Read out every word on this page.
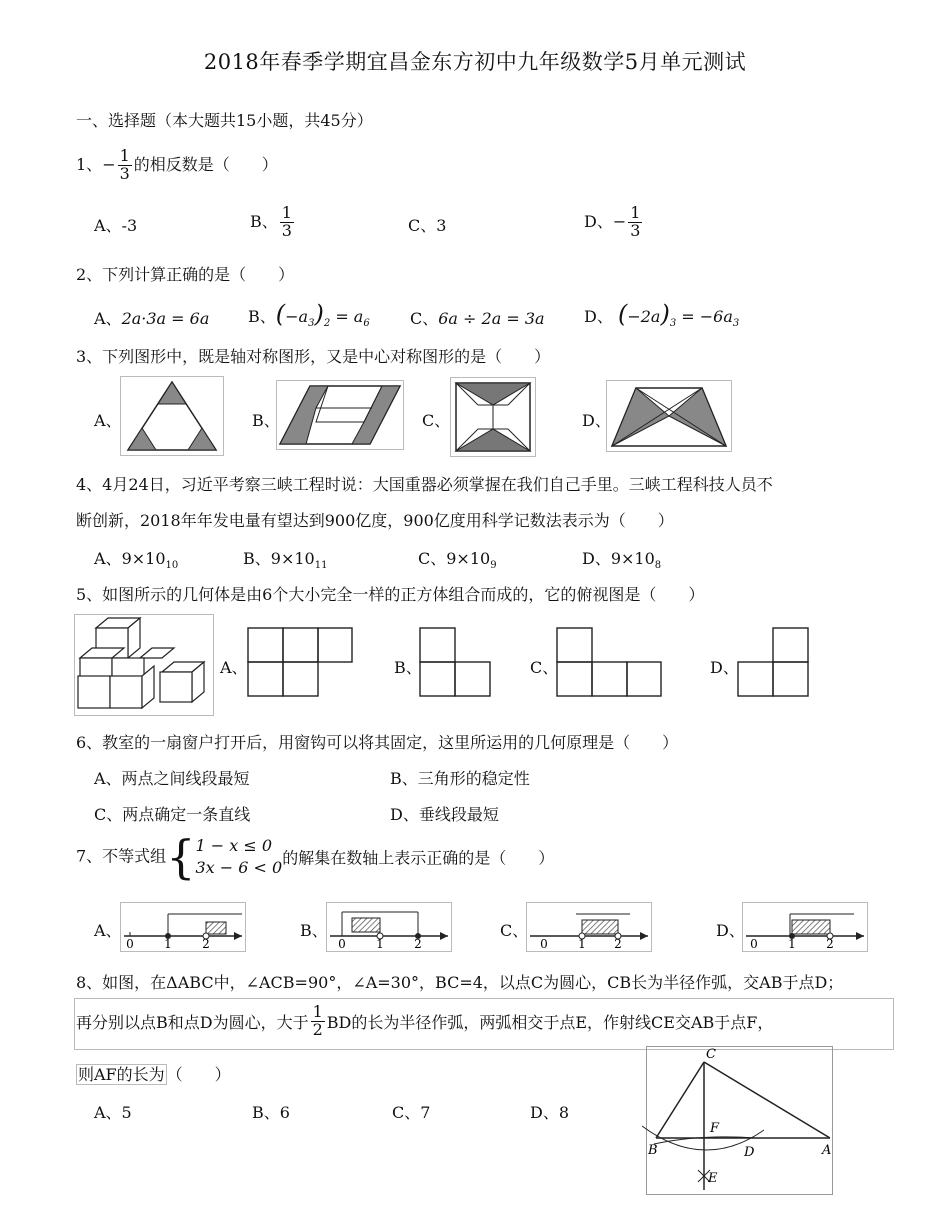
2018年春季学期宜昌金东方初中九年级数学5月单元测试
一、选择题（本大题共15小题，共45分）
1、− $\frac{1}{3}$ 的相反数是（　　）
A、-3	B、 $\frac{1}{3}$	C、3	D、− $\frac{1}{3}$
2、下列计算正确的是（　　）
A、2a·3a = 6a B、$(-a_3)_2 = a_6$	C、6a ÷ 2a = 3a D、 $(-2a)_3 = -6a_3$
3、下列图形中，既是轴对称图形，又是中心对称图形的是（　　）
A、	B、	C、	D、
4、4月24日，习近平考察三峡工程时说：大国重器必须掌握在我们自己手里。三峡工程科技人员不
断创新，2018年年发电量有望达到900亿度，900亿度用科学记数法表示为（　　）
A、$9\times 10_{10}$	B、$9\times 10_{11}$	C、$9\times 10_9$	D、$9\times 10_8$
5、如图所示的几何体是由6个大小完全一样的正方体组合而成的，它的俯视图是（　　）
A、	B、	C、	D、
6、教室的一扇窗户打开后，用窗钩可以将其固定，这里所运用的几何原理是（　　）
A、两点之间线段最短	B、三角形的稳定性
C、两点确定一条直线	D、垂线段最短
7、不等式组{ 1 − x ≤ 0
3x − 6 < 0 的解集在数轴上表示正确的是（　　）
A、
0	1	2
B、
0	1	2
C、
0	1 2
D、
0	1	2
8、如图，在ΔABC中，∠ACB=90°，∠A=30°，BC=4，以点C为圆心，CB长为半径作弧，交AB于点D；
再分别以点B和点D为圆心，大于 $\frac{1}{2}$ BD的长为半径作弧，两弧相交于点E，作射线CE交AB于点F，
则AF的长为 （　　）
A、5	B、6	C、7	D、8
C
B	A
D
F
E
